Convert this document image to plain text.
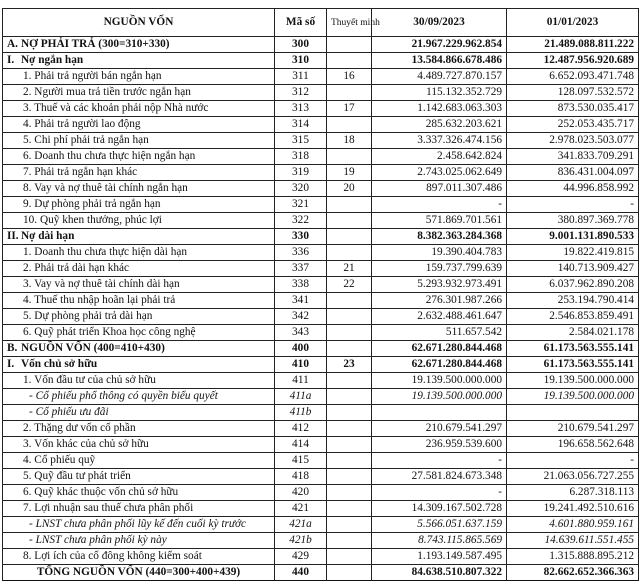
NGUỒN VỐN	Mã số	Thuyết minh	30/09/2023	01/01/2023
A. NỢ PHẢI TRẢ (300=310+330)	300		21.967.229.962.854	21.489.088.811.222
I. Nợ ngắn hạn	310		13.584.866.678.486	12.487.956.920.689
1. Phải trả người bán ngắn hạn	311	16	4.489.727.870.157	6.652.093.471.748
2. Người mua trả tiền trước ngắn hạn	312		115.132.352.729	128.097.532.572
3. Thuế và các khoản phải nộp Nhà nước	313	17	1.142.683.063.303	873.530.035.417
4. Phải trả người lao động	314		285.632.203.621	252.053.435.717
5. Chi phí phải trả ngắn hạn	315	18	3.337.326.474.156	2.978.023.503.077
6. Doanh thu chưa thực hiện ngắn hạn	318		2.458.642.824	341.833.709.291
7. Phải trả ngắn hạn khác	319	19	2.743.025.062.649	836.431.004.097
8. Vay và nợ thuê tài chính ngắn hạn	320	20	897.011.307.486	44.996.858.992
9. Dự phòng phải trả ngắn hạn	321		-	-
10. Quỹ khen thưởng, phúc lợi	322		571.869.701.561	380.897.369.778
II. Nợ dài hạn	330		8.382.363.284.368	9.001.131.890.533
1. Doanh thu chưa thực hiện dài hạn	336		19.390.404.783	19.822.419.815
2. Phải trả dài hạn khác	337	21	159.737.799.639	140.713.909.427
3. Vay và nợ thuê tài chính dài hạn	338	22	5.293.932.973.491	6.037.962.890.208
4. Thuế thu nhập hoãn lại phải trả	341		276.301.987.266	253.194.790.414
5. Dự phòng phải trả dài hạn	342		2.632.488.461.647	2.546.853.859.491
6. Quỹ phát triển Khoa học công nghệ	343		511.657.542	2.584.021.178
B. NGUỒN VỐN (400=410+430)	400		62.671.280.844.468	61.173.563.555.141
I. Vốn chủ sở hữu	410	23	62.671.280.844.468	61.173.563.555.141
1. Vốn đầu tư của chủ sở hữu	411		19.139.500.000.000	19.139.500.000.000
- Cổ phiếu phổ thông có quyền biểu quyết	411a		19.139.500.000.000	19.139.500.000.000
- Cổ phiếu ưu đãi	411b			
2. Thặng dư vốn cổ phần	412		210.679.541.297	210.679.541.297
3. Vốn khác của chủ sở hữu	414		236.959.539.600	196.658.562.648
4. Cổ phiếu quỹ	415		-	-
5. Quỹ đầu tư phát triển	418		27.581.824.673.348	21.063.056.727.255
6. Quỹ khác thuộc vốn chủ sở hữu	420		-	6.287.318.113
7. Lợi nhuận sau thuế chưa phân phối	421		14.309.167.502.728	19.241.492.510.616
- LNST chưa phân phối lũy kế đến cuối kỳ trước	421a		5.566.051.637.159	4.601.880.959.161
- LNST chưa phân phối kỳ này	421b		8.743.115.865.569	14.639.611.551.455
8. Lợi ích của cổ đông không kiểm soát	429		1.193.149.587.495	1.315.888.895.212
TỔNG NGUỒN VỐN (440=300+400+439)	440		84.638.510.807.322	82.662.652.366.363
